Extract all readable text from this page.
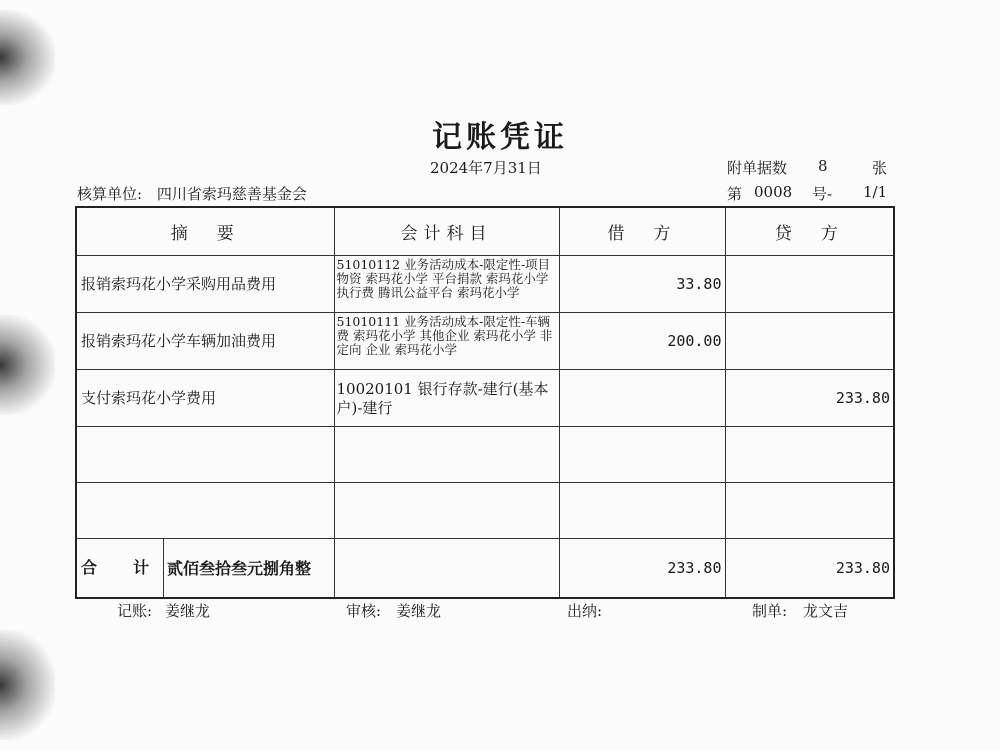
记账凭证
2024年7月31日	附单据数 8	张
核算单位: 四川省索玛慈善基金会	第 0008 号- 1/1
摘　要	会计科目	借　方	贷　方
报销索玛花小学采购用品费用	51010112 业务活动成本-限定性-项目物资 索玛花小学 平台捐款 索玛花小学 执行费 腾讯公益平台 索玛花小学	33.80	
报销索玛花小学车辆加油费用	51010111 业务活动成本-限定性-车辆费 索玛花小学 其他企业 索玛花小学 非定向 企业 索玛花小学	200.00	
支付索玛花小学费用	10020101 银行存款-建行(基本户)-建行		233.80

合　计 贰佰叁拾叁元捌角整		233.80	233.80
记账: 姜继龙	审核: 姜继龙	出纳:	制单: 龙文吉
